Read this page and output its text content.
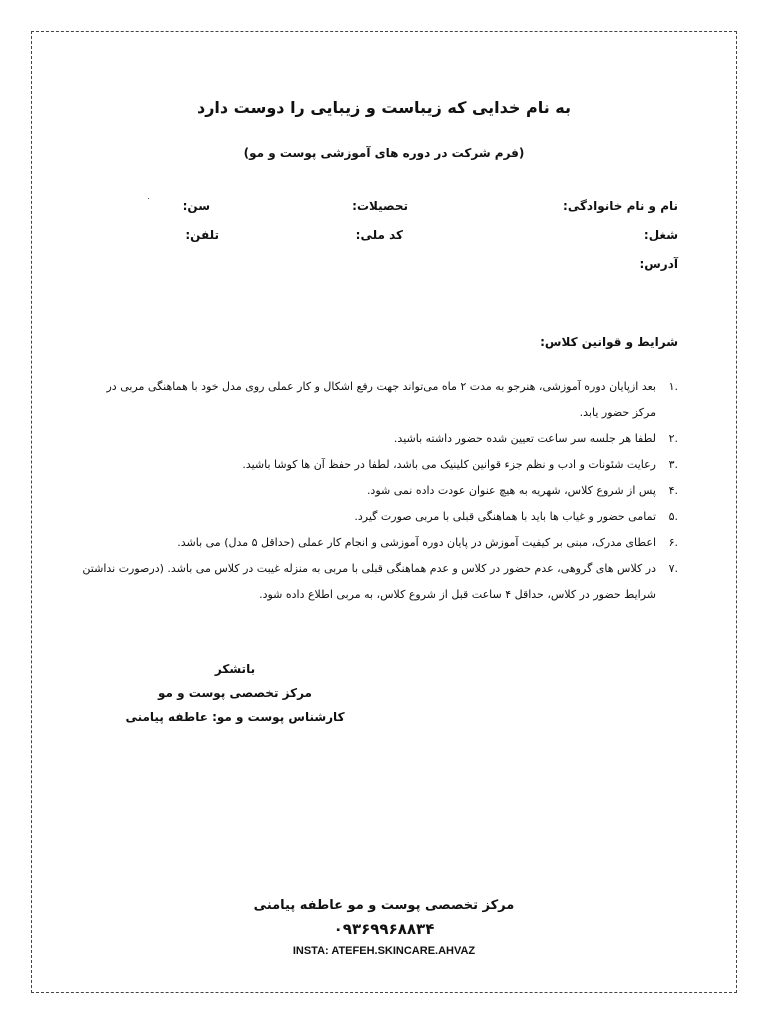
به نام خدایی که زیباست و زیبایی را دوست دارد
(فرم شرکت در دوره های آموزشی پوست و مو)
نام و نام خانوادگی:
تحصیلات:
سن:
شغل:
کد ملی:
تلفن:
آدرس:
شرایط و قوانین کلاس:
.۱
بعد ازپایان دوره آموزشی، هنرجو به مدت ۲ ماه می‌تواند جهت رفع اشکال و کار عملی روی مدل خود با هماهنگی مربی در مرکز حضور یابد.
.۲
لطفا هر جلسه سر ساعت تعیین شده حضور داشته باشید.
.۳
رعایت شئونات و ادب و نظم جزء قوانین کلینیک می باشد، لطفا در حفظ آن ها کوشا باشید.
.۴
پس از شروع کلاس، شهریه به هیچ عنوان عودت داده نمی شود.
.۵
تمامی حضور و غیاب ها باید با هماهنگی قبلی با مربی صورت گیرد.
.۶
اعطای مدرک، مبنی بر کیفیت آموزش در پایان دوره آموزشی و انجام کار عملی (حداقل ۵ مدل) می باشد.
.۷
در کلاس های گروهی، عدم حضور در کلاس و عدم هماهنگی قبلی با مربی به منزله غیبت در کلاس می باشد. (درصورت نداشتن شرایط حضور در کلاس، حداقل ۴ ساعت قبل از شروع کلاس، به مربی اطلاع داده شود.
باتشکر
مرکز تخصصی پوست و مو
کارشناس پوست و مو: عاطفه پیامنی
مرکز تخصصی پوست و مو عاطفه پیامنی
۰۹۳۶۹۹۶۸۸۳۴
INSTA: ATEFEH.SKINCARE.AHVAZ
